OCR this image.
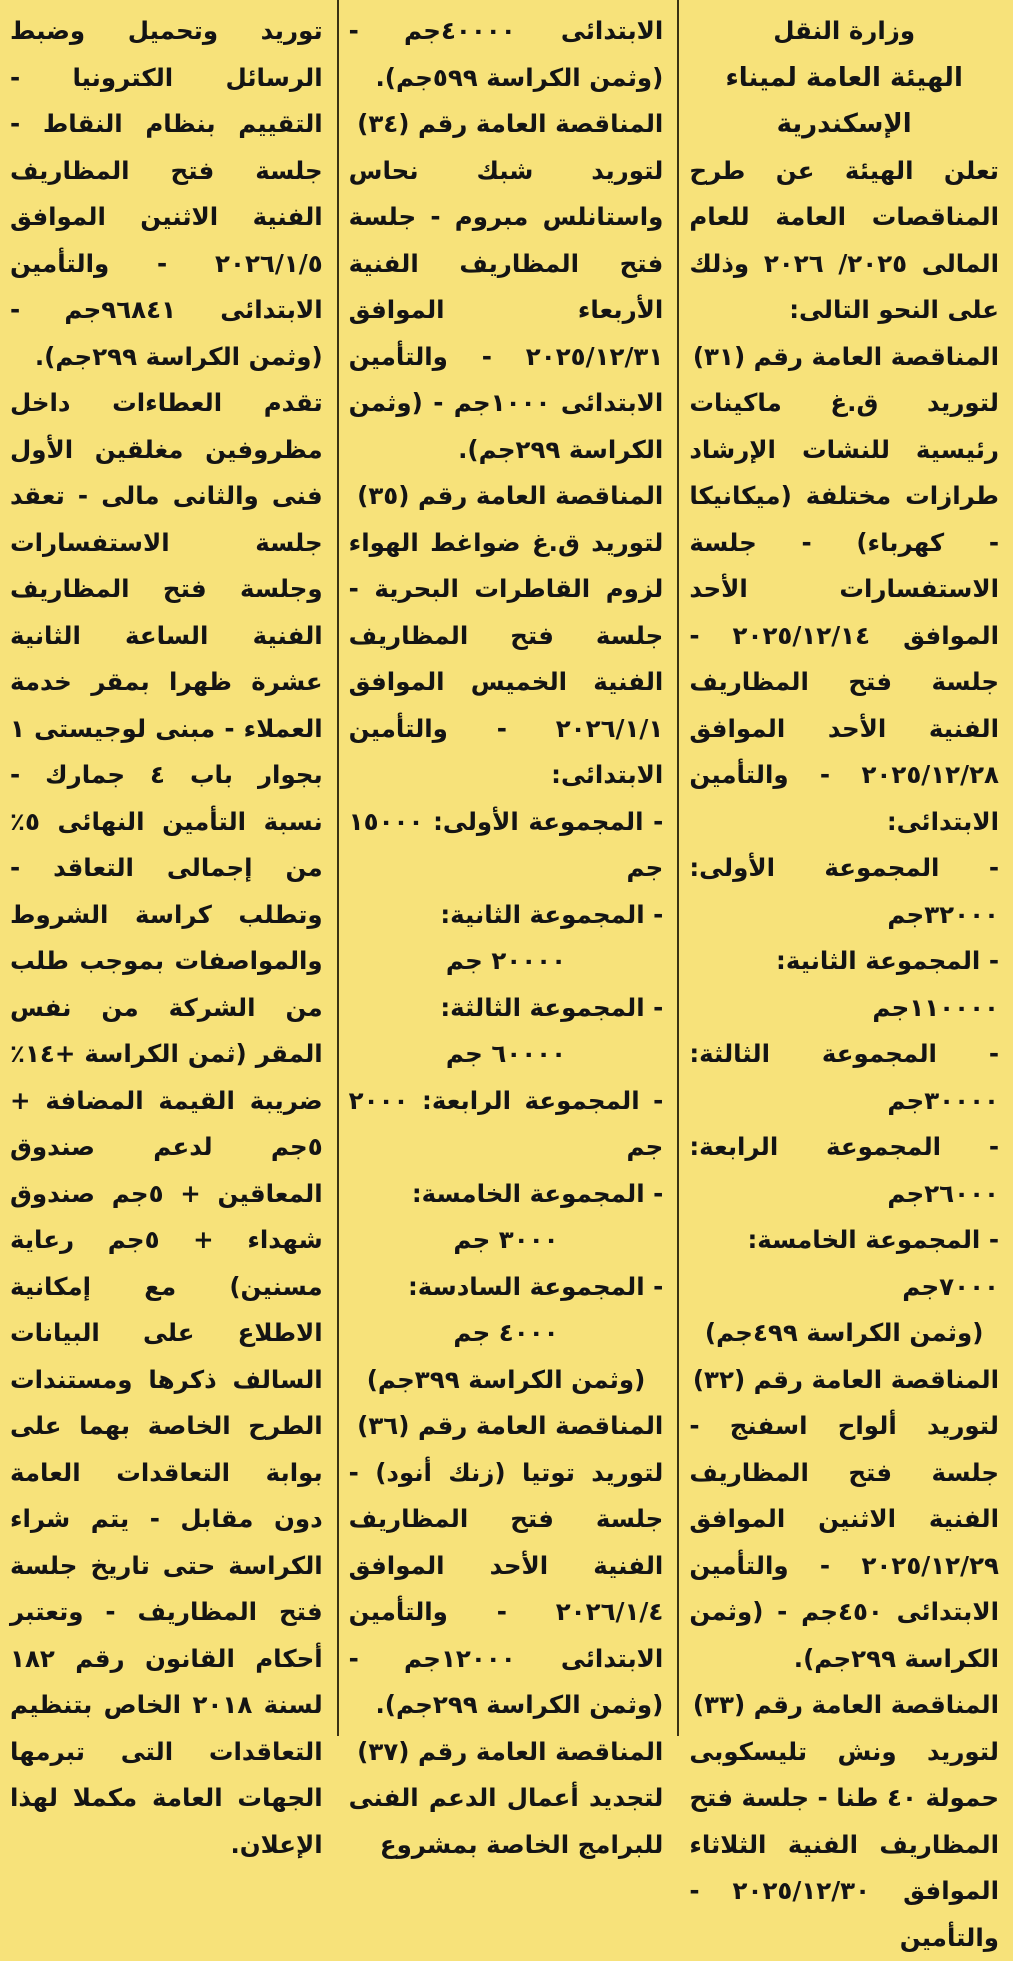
وزارة النقل

الهيئة العامة لميناء

الإسكندرية

تعلن الهيئة عن طرح المناقصات العامة للعام المالى ٢٠٢٥/ ٢٠٢٦ وذلك على النحو التالى:

المناقصة العامة رقم (٣١)

لتوريد ق.غ ماكينات رئيسية للنشات الإرشاد طرازات مختلفة (ميكانيكا - كهرباء) - جلسة الاستفسارات الأحد الموافق ٢٠٢٥/١٢/١٤ - جلسة فتح المظاريف الفنية الأحد الموافق ٢٠٢٥/١٢/٢٨ - والتأمين الابتدائى:

- المجموعة الأولى: ٣٢٠٠٠جم

- المجموعة الثانية:

١١٠٠٠٠جم

- المجموعة الثالثة: ٣٠٠٠٠جم

- المجموعة الرابعة: ٢٦٠٠٠جم

- المجموعة الخامسة:

٧٠٠٠جم

(وثمن الكراسة ٤٩٩جم)

المناقصة العامة رقم (٣٢)

لتوريد ألواح اسفنج - جلسة فتح المظاريف الفنية الاثنين الموافق ٢٠٢٥/١٢/٢٩ - والتأمين الابتدائى ٤٥٠جم - (وثمن الكراسة ٢٩٩جم).

المناقصة العامة رقم (٣٣)

لتوريد ونش تليسكوبى حمولة ٤٠ طنا - جلسة فتح المظاريف الفنية الثلاثاء الموافق ٢٠٢٥/١٢/٣٠ - والتأمين

الابتدائى ٤٠٠٠٠جم - (وثمن الكراسة ٥٩٩جم).

المناقصة العامة رقم (٣٤)

لتوريد شبك نحاس واستانلس مبروم - جلسة فتح المظاريف الفنية الأربعاء الموافق ٢٠٢٥/١٢/٣١ - والتأمين الابتدائى ١٠٠٠جم - (وثمن الكراسة ٢٩٩جم).

المناقصة العامة رقم (٣٥)

لتوريد ق.غ ضواغط الهواء لزوم القاطرات البحرية - جلسة فتح المظاريف الفنية الخميس الموافق ٢٠٢٦/١/١ - والتأمين الابتدائى:

- المجموعة الأولى: ١٥٠٠٠ جم

- المجموعة الثانية:

٢٠٠٠٠ جم

- المجموعة الثالثة:

٦٠٠٠٠ جم

- المجموعة الرابعة: ٢٠٠٠ جم

- المجموعة الخامسة:

٣٠٠٠ جم

- المجموعة السادسة:

٤٠٠٠ جم

(وثمن الكراسة ٣٩٩جم)

المناقصة العامة رقم (٣٦)

لتوريد توتيا (زنك أنود) - جلسة فتح المظاريف الفنية الأحد الموافق ٢٠٢٦/١/٤ - والتأمين الابتدائى ١٢٠٠٠جم - (وثمن الكراسة ٢٩٩جم).

المناقصة العامة رقم (٣٧)

لتجديد أعمال الدعم الفنى للبرامج الخاصة بمشروع

توريد وتحميل وضبط الرسائل الكترونيا - التقييم بنظام النقاط - جلسة فتح المظاريف الفنية الاثنين الموافق ٢٠٢٦/١/٥ - والتأمين الابتدائى ٩٦٨٤١جم - (وثمن الكراسة ٢٩٩جم).

تقدم العطاءات داخل مظروفين مغلقين الأول فنى والثانى مالى - تعقد جلسة الاستفسارات وجلسة فتح المظاريف الفنية الساعة الثانية عشرة ظهرا بمقر خدمة العملاء - مبنى لوجيستى ١ بجوار باب ٤ جمارك - نسبة التأمين النهائى ٥٪ من إجمالى التعاقد - وتطلب كراسة الشروط والمواصفات بموجب طلب من الشركة من نفس المقر (ثمن الكراسة +١٤٪ ضريبة القيمة المضافة + ٥جم لدعم صندوق المعاقين + ٥جم صندوق شهداء + ٥جم رعاية مسنين) مع إمكانية الاطلاع على البيانات السالف ذكرها ومستندات الطرح الخاصة بهما على بوابة التعاقدات العامة دون مقابل - يتم شراء الكراسة حتى تاريخ جلسة فتح المظاريف - وتعتبر أحكام القانون رقم ١٨٢ لسنة ٢٠١٨ الخاص بتنظيم التعاقدات التى تبرمها الجهات العامة مكملا لهذا الإعلان.
